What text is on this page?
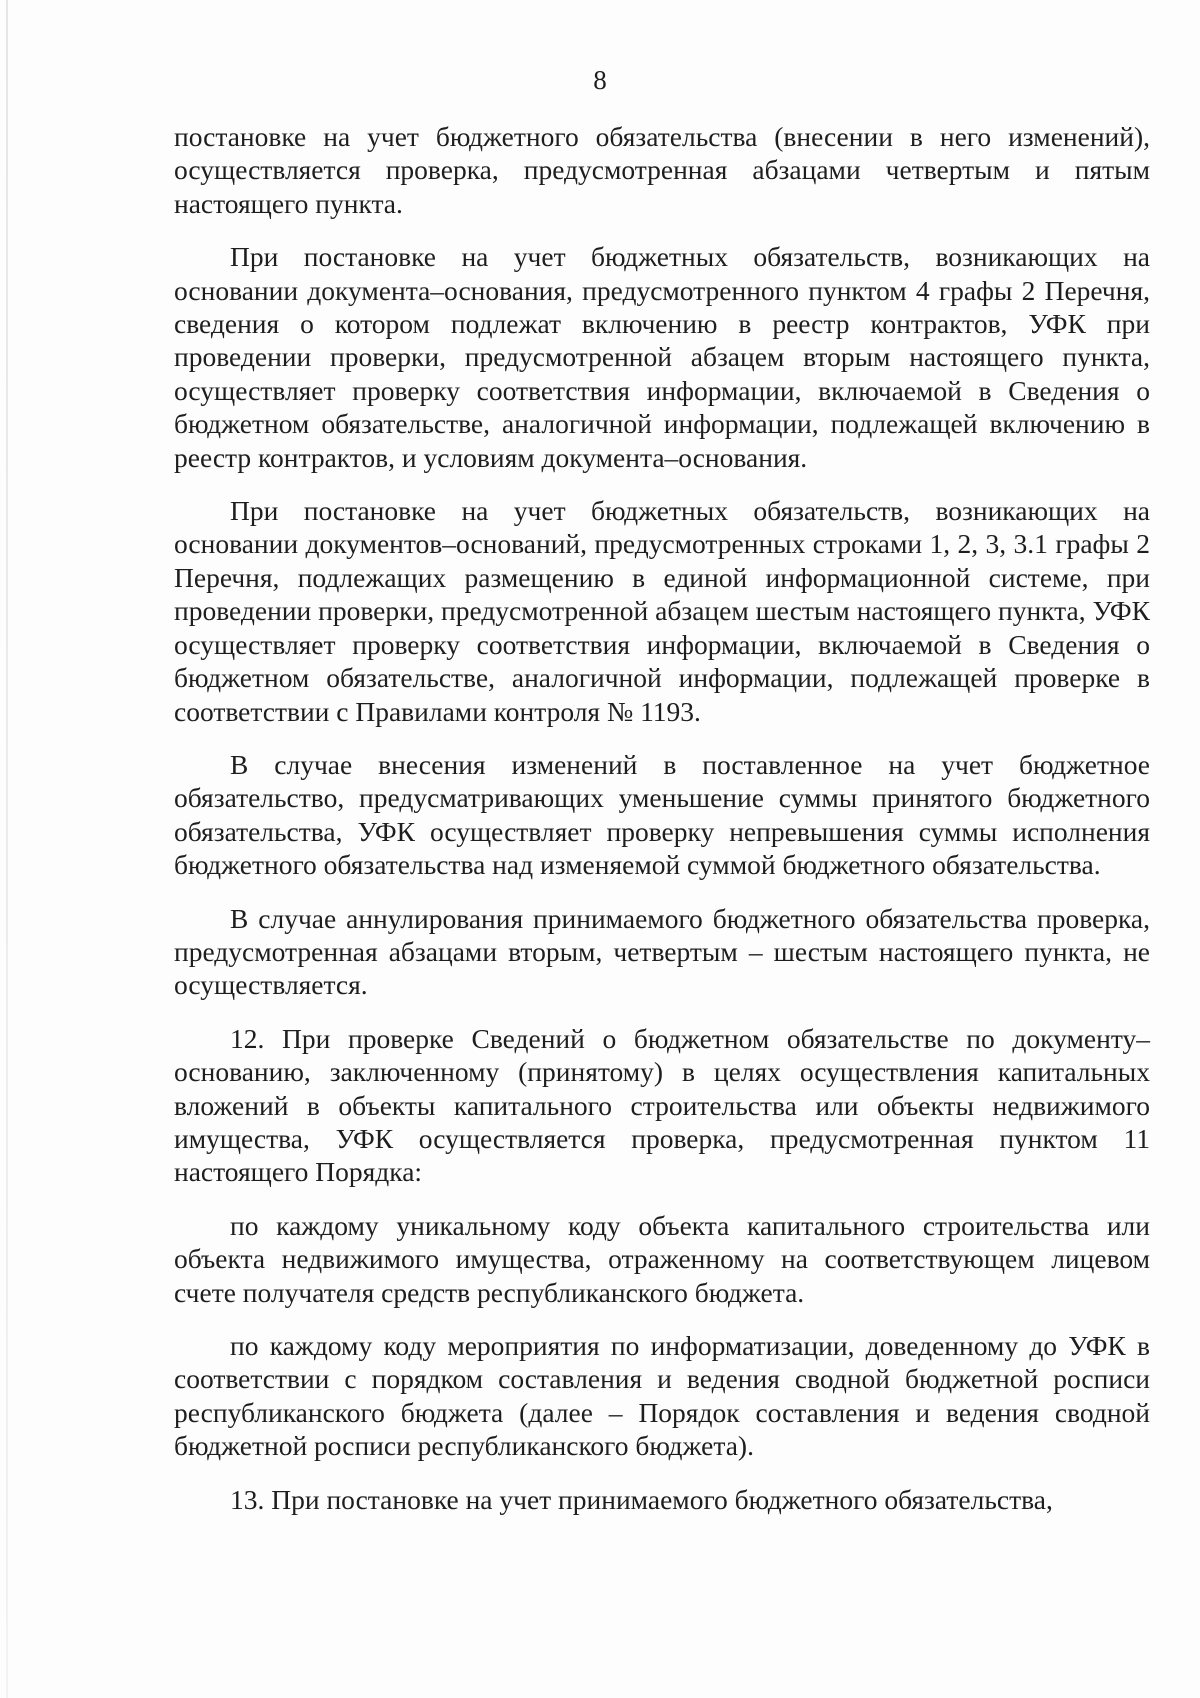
8

постановке на учет бюджетного обязательства (внесении в него изменений), осуществляется проверка, предусмотренная абзацами четвертым и пятым настоящего пункта.

При постановке на учет бюджетных обязательств, возникающих на основании документа–основания, предусмотренного пунктом 4 графы 2 Перечня, сведения о котором подлежат включению в реестр контрактов, УФК при проведении проверки, предусмотренной абзацем вторым настоящего пункта, осуществляет проверку соответствия информации, включаемой в Сведения о бюджетном обязательстве, аналогичной информации, подлежащей включению в реестр контрактов, и условиям документа–основания.

При постановке на учет бюджетных обязательств, возникающих на основании документов–оснований, предусмотренных строками 1, 2, 3, 3.1 графы 2 Перечня, подлежащих размещению в единой информационной системе, при проведении проверки, предусмотренной абзацем шестым настоящего пункта, УФК осуществляет проверку соответствия информации, включаемой в Сведения о бюджетном обязательстве, аналогичной информации, подлежащей проверке в соответствии с Правилами контроля № 1193.

В случае внесения изменений в поставленное на учет бюджетное обязательство, предусматривающих уменьшение суммы принятого бюджетного обязательства, УФК осуществляет проверку непревышения суммы исполнения бюджетного обязательства над изменяемой суммой бюджетного обязательства.

В случае аннулирования принимаемого бюджетного обязательства проверка, предусмотренная абзацами вторым, четвертым – шестым настоящего пункта, не осуществляется.

12. При проверке Сведений о бюджетном обязательстве по документу–основанию, заключенному (принятому) в целях осуществления капитальных вложений в объекты капитального строительства или объекты недвижимого имущества, УФК осуществляется проверка, предусмотренная пунктом 11 настоящего Порядка:

по каждому уникальному коду объекта капитального строительства или объекта недвижимого имущества, отраженному на соответствующем лицевом счете получателя средств республиканского бюджета.

по каждому коду мероприятия по информатизации, доведенному до УФК в соответствии с порядком составления и ведения сводной бюджетной росписи республиканского бюджета (далее – Порядок составления и ведения сводной бюджетной росписи республиканского бюджета).

13. При постановке на учет принимаемого бюджетного обязательства,
